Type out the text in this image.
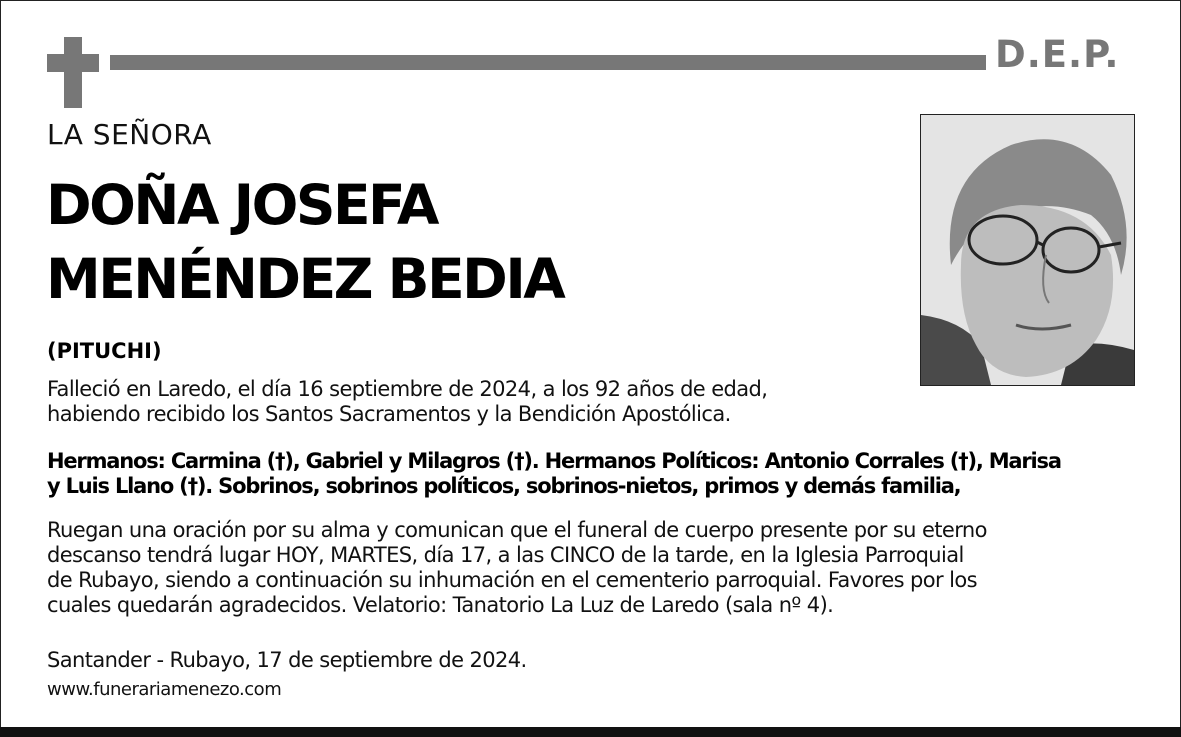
D.E.P.
LA SEÑORA
DOÑA JOSEFA
MENÉNDEZ BEDIA
(PITUCHI)
Falleció en Laredo, el día 16 septiembre de 2024, a los 92 años de edad,
habiendo recibido los Santos Sacramentos y la Bendición Apostólica.
Hermanos: Carmina (†), Gabriel y Milagros (†). Hermanos Políticos: Antonio Corrales (†), Marisa
y Luis Llano (†). Sobrinos, sobrinos políticos, sobrinos-nietos, primos y demás familia,
Ruegan una oración por su alma y comunican que el funeral de cuerpo presente por su eterno
descanso tendrá lugar HOY, MARTES, día 17, a las CINCO de la tarde, en la Iglesia Parroquial
de Rubayo, siendo a continuación su inhumación en el cementerio parroquial. Favores por los
cuales quedarán agradecidos. Velatorio: Tanatorio La Luz de Laredo (sala nº 4).
Santander - Rubayo, 17 de septiembre de 2024.
www.funerariamenezo.com
